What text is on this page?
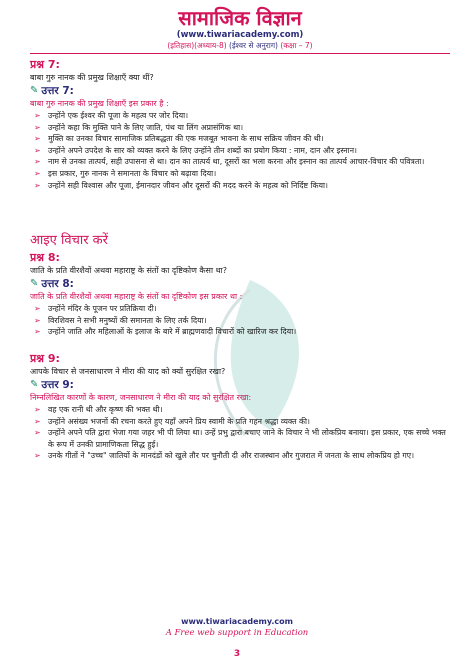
सामाजिक विज्ञान
(www.tiwariacademy.com)
(इतिहास)(अध्याय-8) (ईश्वर से अनुराग) (कक्षा – 7)
प्रश्न 7:
बाबा गुरु नानक की प्रमुख शिक्षाएँ क्या थीं?
✎ उत्तर 7:
बाबा गुरु नानक की प्रमुख शिक्षाएँ इस प्रकार है :
➢ उन्होंने एक ईश्वर की पूजा के महत्व पर जोर दिया।
➢ उन्होंने कहा कि मुक्ति पाने के लिए जाति, पंथ या लिंग अप्रासंगिक था।
➢ मुक्ति का उनका विचार सामाजिक प्रतिबद्धता की एक मजबूत भावना के साथ सक्रिय जीवन की थी।
➢ उन्होंने अपने उपदेश के सार को व्यक्त करने के लिए उन्होंने तीन शब्दों का प्रयोग किया : नाम, दान और इस्नान।
➢ नाम से उनका तात्पर्य, सही उपासना से था। दान का तात्पर्य था, दूसरों का भला करना और इस्नान का तात्पर्य आचार-विचार की पवित्रता।
➢ इस प्रकार, गुरु नानक ने समानता के विचार को बढ़ावा दिया।
➢ उन्होंने सही विश्वास और पूजा, ईमानदार जीवन और दूसरों की मदद करने के महत्व को निर्दिष्ट किया।
आइए विचार करें
प्रश्न 8:
जाति के प्रति वीरशैवों अथवा महाराष्ट्र के संतों का दृष्टिकोण कैसा था?
✎ उत्तर 8:
जाति के प्रति वीरशैवों अथवा महाराष्ट्र के संतों का दृष्टिकोण इस प्रकार था :
➢ उन्होंने मंदिर के पूजन पर प्रतिक्रिया दी।
➢ विरशिवस ने सभी मनुष्यों की समानता के लिए तर्क दिया।
➢ उन्होंने जाति और महिलाओं के इलाज के बारे में ब्राह्मणवादी विचारों को खारिज कर दिया।
प्रश्न 9:
आपके विचार से जनसाधारण ने मीरा की याद को क्यों सुरक्षित रखा?
✎ उत्तर 9:
निम्नलिखित कारणों के कारण, जनसाधारण ने मीरा की याद को सुरक्षित रखा:
➢ वह एक रानी थी और कृष्ण की भक्त थी।
➢ उन्होंने असंख्य भजनों की रचना करते हुए यहाँ अपने प्रिय स्वामी के प्रति गहन श्रद्धा व्यक्त की।
➢ उन्होंने अपने पति द्वारा भेजा गया जहर भी पी लिया था। उन्हें प्रभु द्वारा बचाए जाने के विचार ने भी लोकप्रिय बनाया। इस प्रकार, एक सच्चे भक्त के रूप में उनकी प्रामाणिकता सिद्ध हुई।
➢ उनके गीतों ने "उच्च" जातियों के मानदंडों को खुले तौर पर चुनौती दी और राजस्थान और गुजरात में जनता के साथ लोकप्रिय हो गए।
www.tiwariacademy.com
A Free web support in Education
3
